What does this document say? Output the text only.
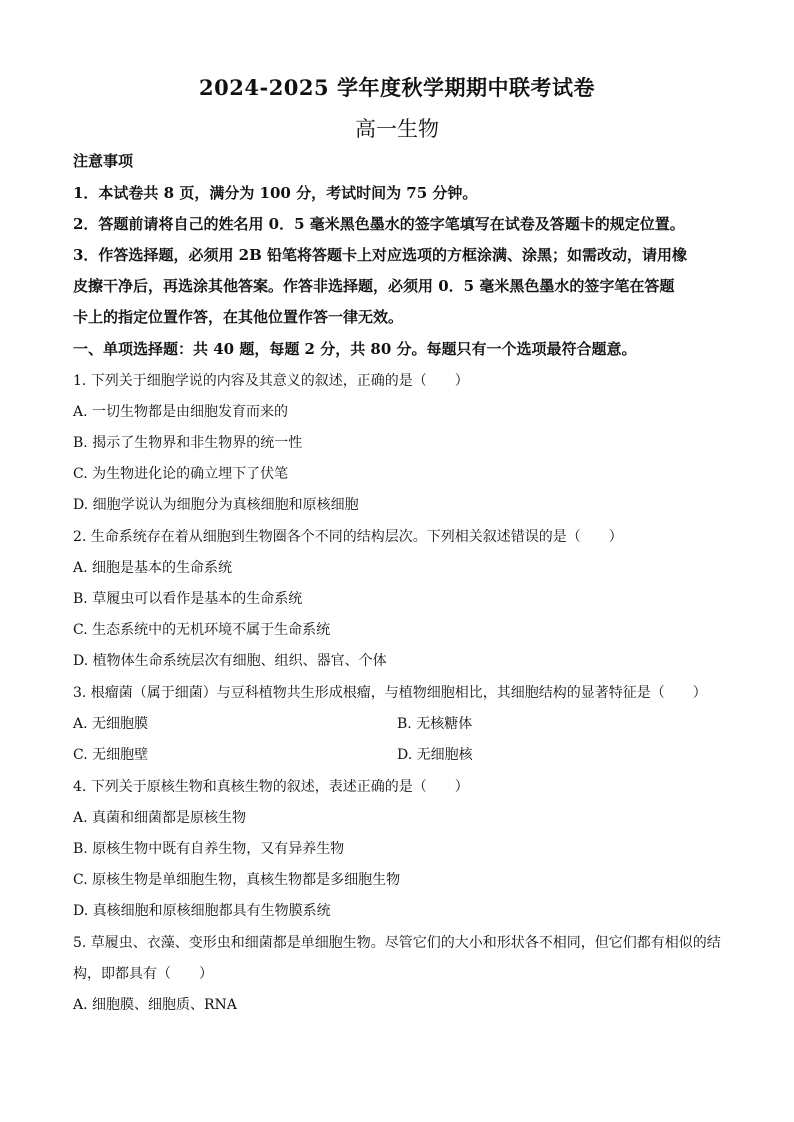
2024-2025 学年度秋学期期中联考试卷
高一生物
注意事项
1．本试卷共 8 页，满分为 100 分，考试时间为 75 分钟。
2．答题前请将自己的姓名用 0．5 毫米黑色墨水的签字笔填写在试卷及答题卡的规定位置。
3．作答选择题，必须用 2B 铅笔将答题卡上对应选项的方框涂满、涂黑；如需改动，请用橡
皮擦干净后，再选涂其他答案。作答非选择题，必须用 0．5 毫米黑色墨水的签字笔在答题
卡上的指定位置作答，在其他位置作答一律无效。
一、单项选择题：共 40 题，每题 2 分，共 80 分。每题只有一个选项最符合题意。
1. 下列关于细胞学说的内容及其意义的叙述，正确的是（　　）
A. 一切生物都是由细胞发育而来的
B. 揭示了生物界和非生物界的统一性
C. 为生物进化论的确立埋下了伏笔
D. 细胞学说认为细胞分为真核细胞和原核细胞
2. 生命系统存在着从细胞到生物圈各个不同的结构层次。下列相关叙述错误的是（　　）
A. 细胞是基本的生命系统
B. 草履虫可以看作是基本的生命系统
C. 生态系统中的无机环境不属于生命系统
D. 植物体生命系统层次有细胞、组织、器官、个体
3. 根瘤菌（属于细菌）与豆科植物共生形成根瘤，与植物细胞相比，其细胞结构的显著特征是（　　）
A. 无细胞膜	B. 无核糖体
C. 无细胞壁	D. 无细胞核
4. 下列关于原核生物和真核生物的叙述，表述正确的是（　　）
A. 真菌和细菌都是原核生物
B. 原核生物中既有自养生物，又有异养生物
C. 原核生物是单细胞生物，真核生物都是多细胞生物
D. 真核细胞和原核细胞都具有生物膜系统
5. 草履虫、衣藻、变形虫和细菌都是单细胞生物。尽管它们的大小和形状各不相同，但它们都有相似的结
构，即都具有（　　）
A. 细胞膜、细胞质、RNA
